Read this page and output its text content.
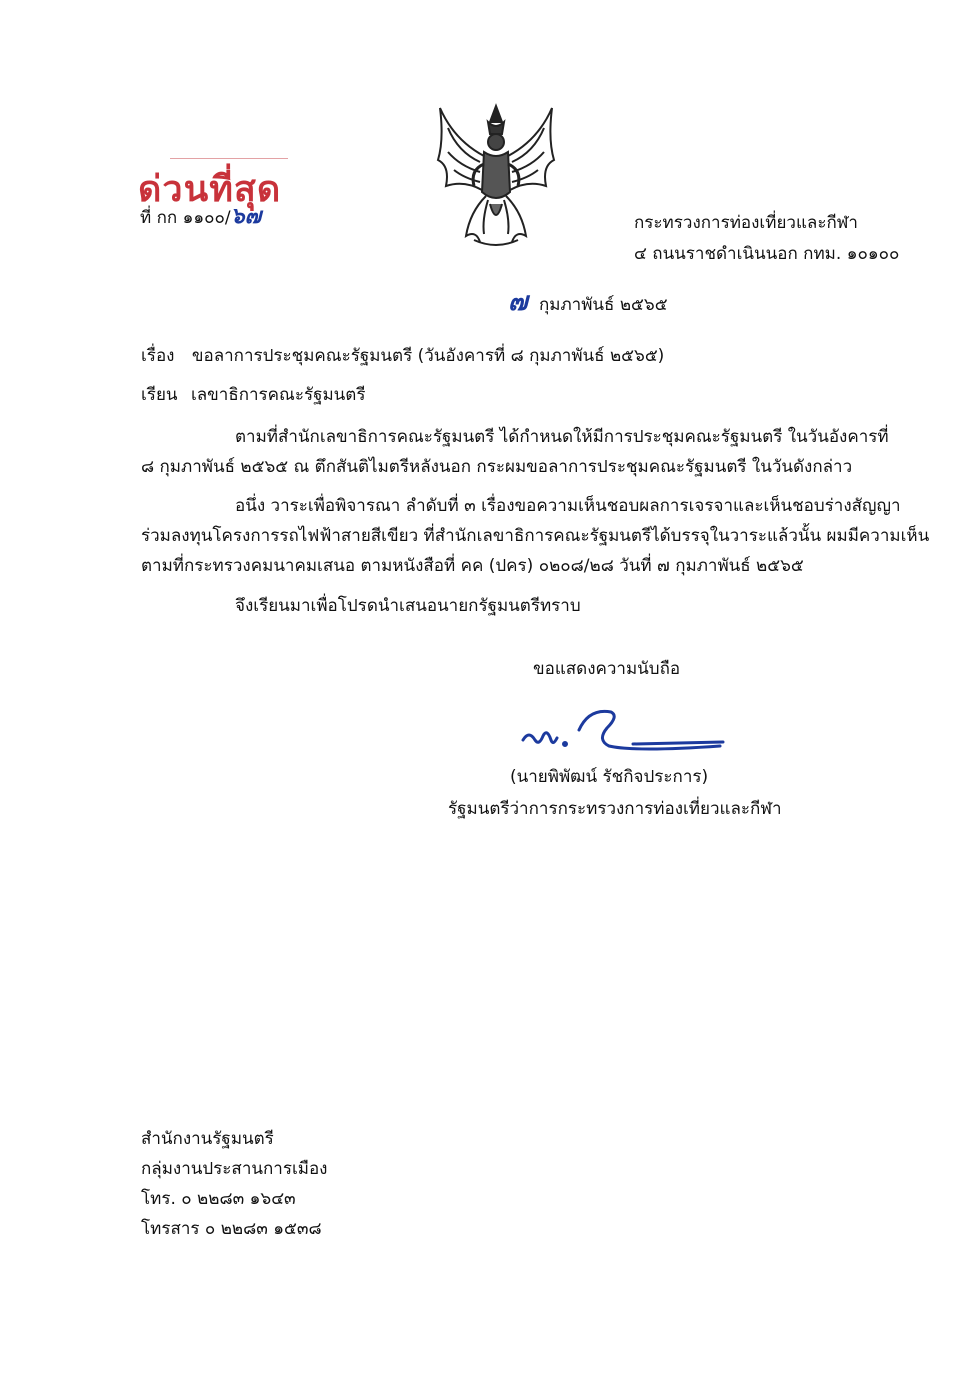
ด่วนที่สุด
ที่ กก ๑๑๐๐/๖๗	กระทรวงการท่องเที่ยวและกีฬา
๔ ถนนราชดำเนินนอก กทม. ๑๐๑๐๐
๗ กุมภาพันธ์ ๒๕๖๕
เรื่อง ขอลาการประชุมคณะรัฐมนตรี (วันอังคารที่ ๘ กุมภาพันธ์ ๒๕๖๕)
เรียน เลขาธิการคณะรัฐมนตรี
ตามที่สำนักเลขาธิการคณะรัฐมนตรี ได้กำหนดให้มีการประชุมคณะรัฐมนตรี ในวันอังคารที่
๘ กุมภาพันธ์ ๒๕๖๕ ณ ตึกสันติไมตรีหลังนอก กระผมขอลาการประชุมคณะรัฐมนตรี ในวันดังกล่าว
อนึ่ง วาระเพื่อพิจารณา ลำดับที่ ๓ เรื่องขอความเห็นชอบผลการเจรจาและเห็นชอบร่างสัญญา
ร่วมลงทุนโครงการรถไฟฟ้าสายสีเขียว ที่สำนักเลขาธิการคณะรัฐมนตรีได้บรรจุในวาระแล้วนั้น ผมมีความเห็น
ตามที่กระทรวงคมนาคมเสนอ ตามหนังสือที่ คค (ปคร) ๐๒๐๘/๒๘ วันที่ ๗ กุมภาพันธ์ ๒๕๖๕
จึงเรียนมาเพื่อโปรดนำเสนอนายกรัฐมนตรีทราบ
ขอแสดงความนับถือ
(นายพิพัฒน์ รัชกิจประการ)
รัฐมนตรีว่าการกระทรวงการท่องเที่ยวและกีฬา
สำนักงานรัฐมนตรี
กลุ่มงานประสานการเมือง
โทร. ๐ ๒๒๘๓ ๑๖๔๓
โทรสาร ๐ ๒๒๘๓ ๑๕๓๘
